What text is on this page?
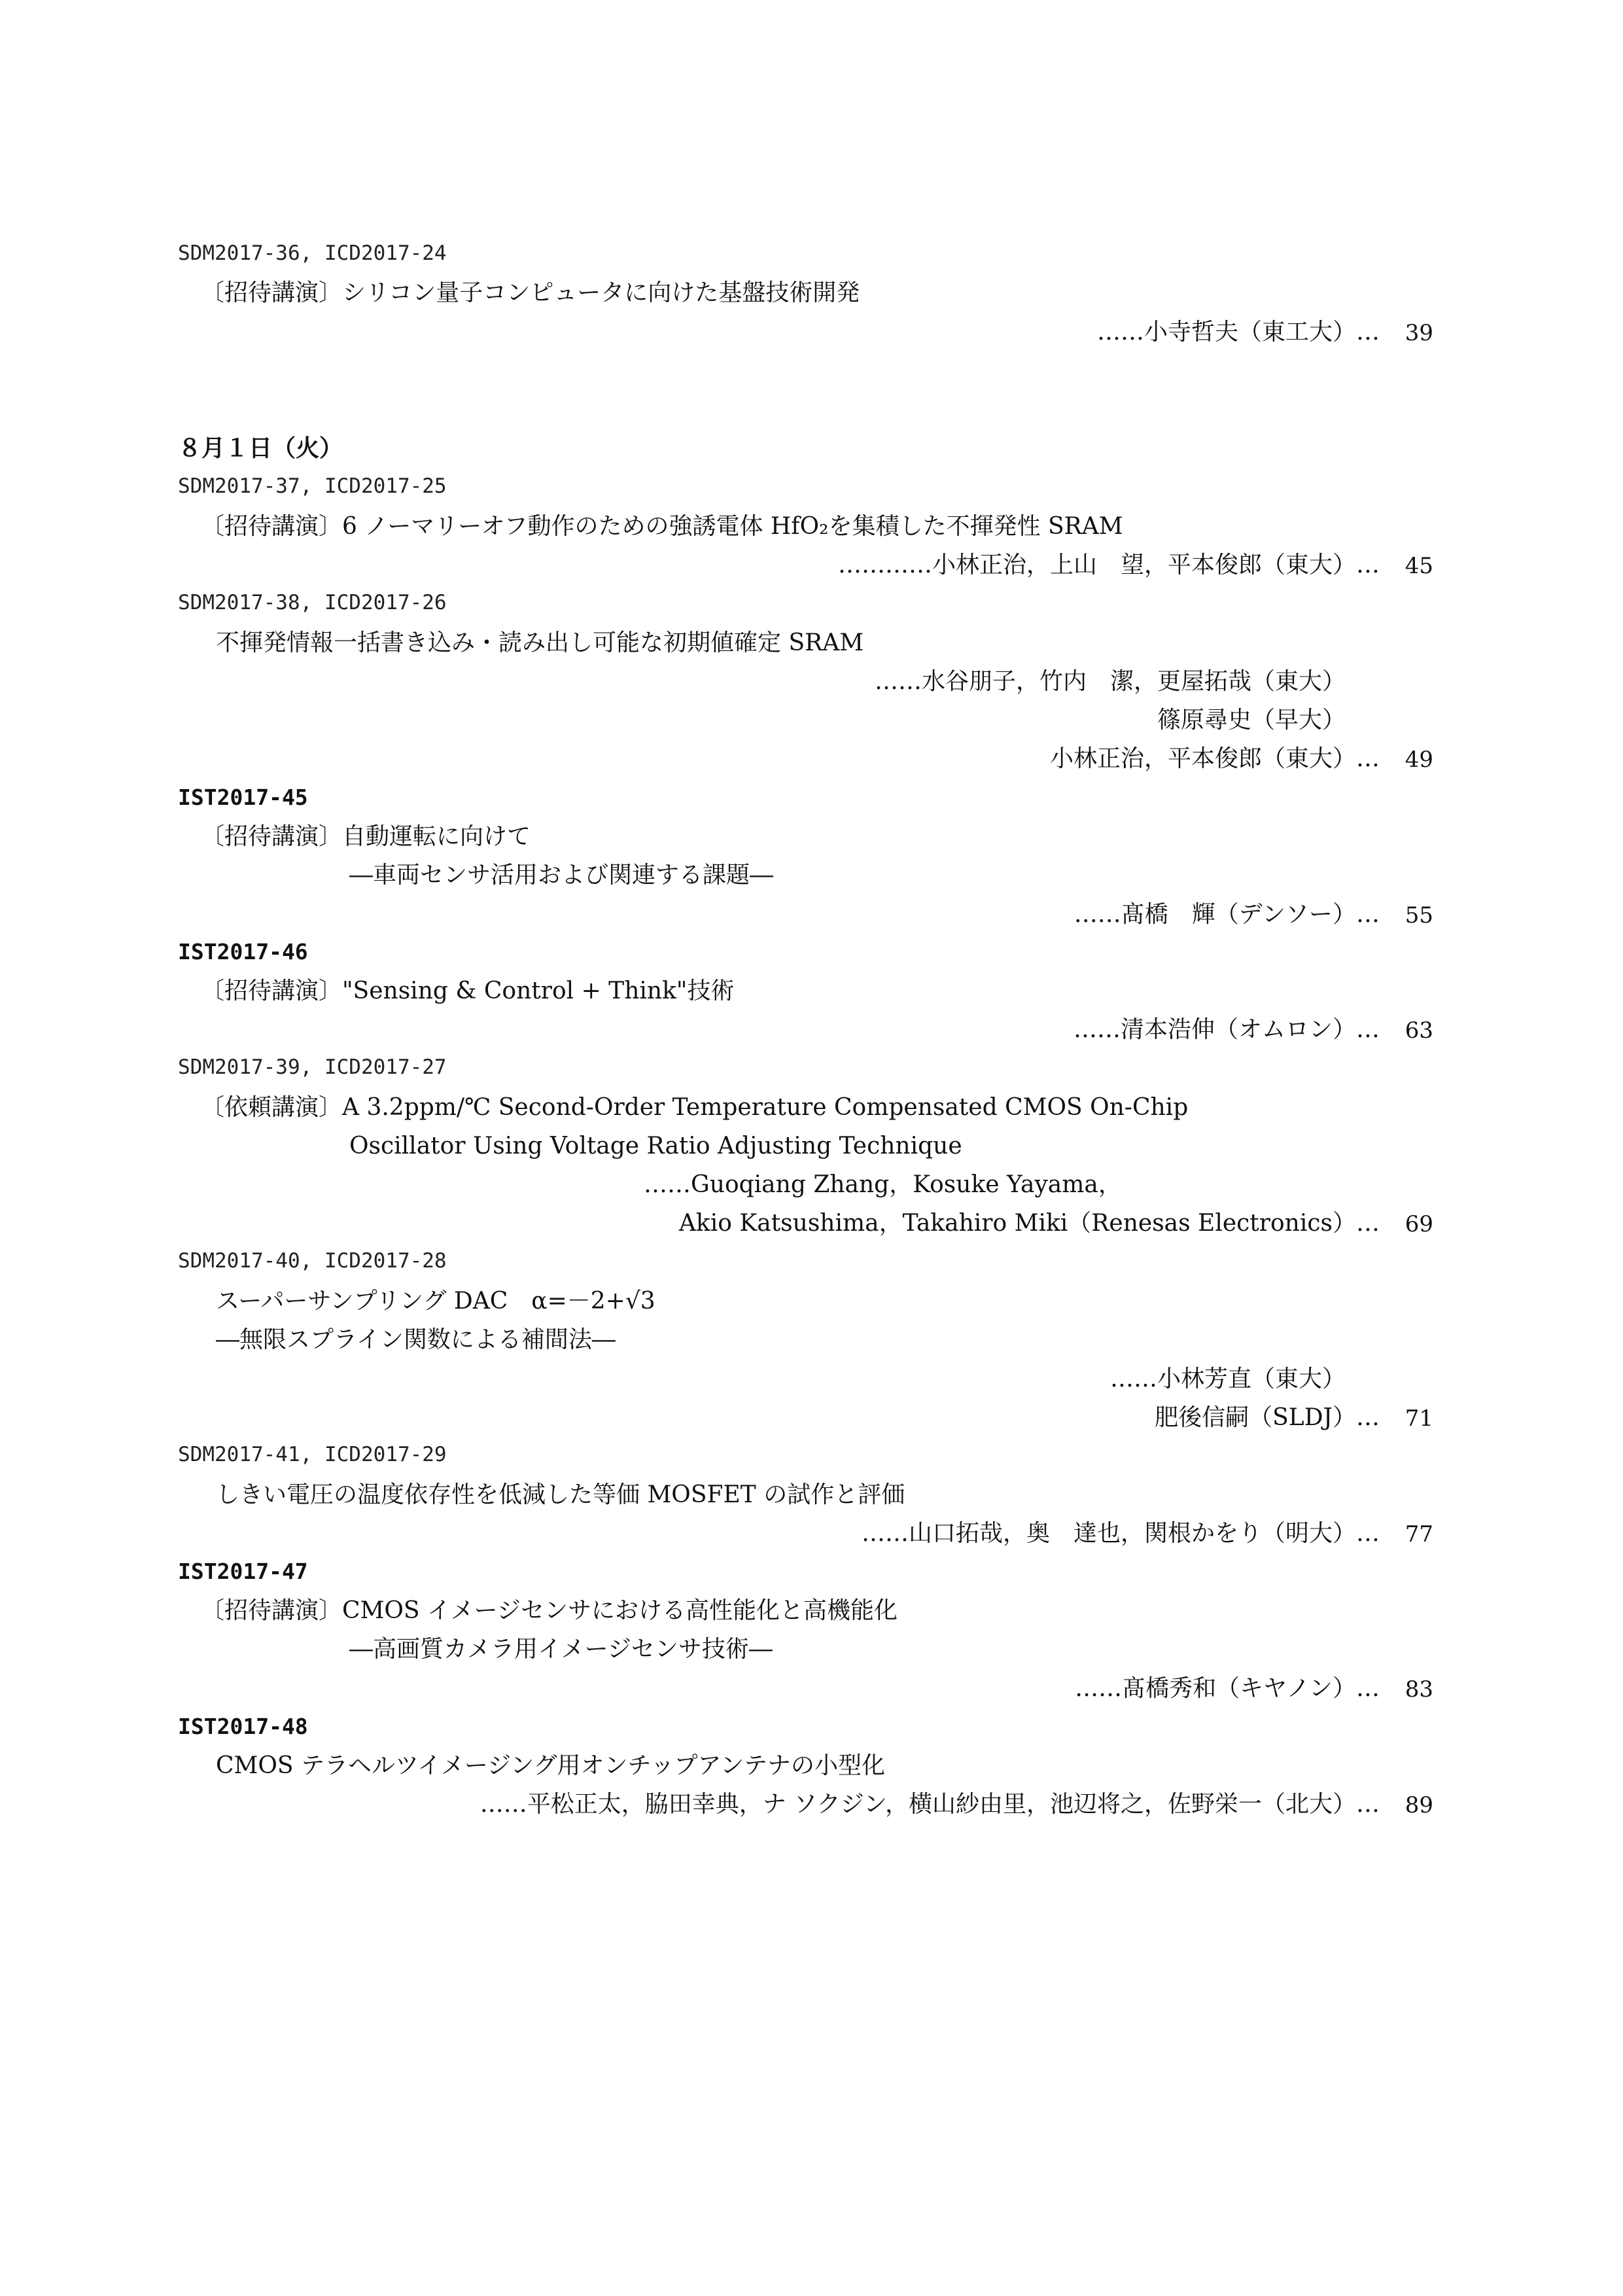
SDM2017-36, ICD2017-24
〔招待講演〕シリコン量子コンピュータに向けた基盤技術開発
……小寺哲夫（東工大）…	39
８月１日（火）
SDM2017-37, ICD2017-25
〔招待講演〕6 ノーマリーオフ動作のための強誘電体 HfO₂を集積した不揮発性 SRAM
…………小林正治，上山　望，平本俊郎（東大）…	45
SDM2017-38, ICD2017-26
不揮発情報一括書き込み・読み出し可能な初期値確定 SRAM
……水谷朋子，竹内　潔，更屋拓哉（東大）
篠原尋史（早大）
小林正治，平本俊郎（東大）…	49
IST2017-45
〔招待講演〕自動運転に向けて
―車両センサ活用および関連する課題―
……髙橋　輝（デンソー）…	55
IST2017-46
〔招待講演〕"Sensing & Control + Think"技術
……清本浩伸（オムロン）…	63
SDM2017-39, ICD2017-27
〔依頼講演〕A 3.2ppm/℃ Second-Order Temperature Compensated CMOS On-Chip
Oscillator Using Voltage Ratio Adjusting Technique
……Guoqiang Zhang，Kosuke Yayama，
Akio Katsushima，Takahiro Miki（Renesas Electronics）…	69
SDM2017-40, ICD2017-28
スーパーサンプリング DAC　α=－2+√3
―無限スプライン関数による補間法―
……小林芳直（東大）
肥後信嗣（SLDJ）…	71
SDM2017-41, ICD2017-29
しきい電圧の温度依存性を低減した等価 MOSFET の試作と評価
……山口拓哉，奥　達也，関根かをり（明大）…	77
IST2017-47
〔招待講演〕CMOS イメージセンサにおける高性能化と高機能化
―高画質カメラ用イメージセンサ技術―
……髙橋秀和（キヤノン）…	83
IST2017-48
CMOS テラヘルツイメージング用オンチップアンテナの小型化
……平松正太，脇田幸典，ナ ソクジン，横山紗由里，池辺将之，佐野栄一（北大）…	89
